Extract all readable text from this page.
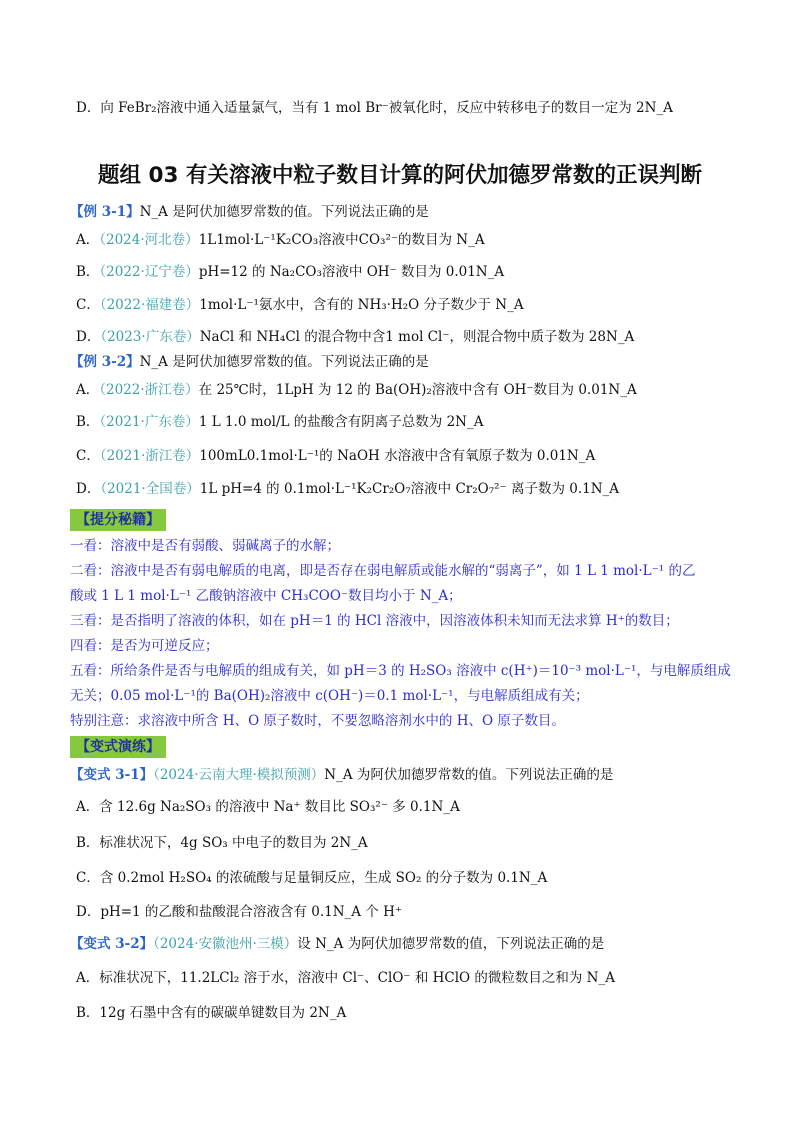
D．向 FeBr₂溶液中通入适量氯气，当有 1 mol Br⁻被氧化时，反应中转移电子的数目一定为 2N_A
题组 03 有关溶液中粒子数目计算的阿伏加德罗常数的正误判断
【例 3-1】N_A 是阿伏加德罗常数的值。下列说法正确的是
A．（2024·河北卷）1L1mol·L⁻¹K₂CO₃溶液中CO₃²⁻的数目为 N_A
B．（2022·辽宁卷）pH=12 的 Na₂CO₃溶液中 OH⁻ 数目为 0.01N_A
C．（2022·福建卷）1mol·L⁻¹氨水中，含有的 NH₃·H₂O 分子数少于 N_A
D．（2023·广东卷）NaCl 和 NH₄Cl 的混合物中含1 mol Cl⁻，则混合物中质子数为 28N_A
【例 3-2】N_A 是阿伏加德罗常数的值。下列说法正确的是
A．（2022·浙江卷）在 25℃时，1LpH 为 12 的 Ba(OH)₂溶液中含有 OH⁻数目为 0.01N_A
B．（2021·广东卷）1 L 1.0 mol/L 的盐酸含有阴离子总数为 2N_A
C．（2021·浙江卷）100mL0.1mol·L⁻¹的 NaOH 水溶液中含有氧原子数为 0.01N_A
D．（2021·全国卷）1L pH=4 的 0.1mol·L⁻¹K₂Cr₂O₇溶液中 Cr₂O₇²⁻ 离子数为 0.1N_A
【提分秘籍】
一看：溶液中是否有弱酸、弱碱离子的水解；
二看：溶液中是否有弱电解质的电离，即是否存在弱电解质或能水解的“弱离子”，如 1 L 1 mol·L⁻¹ 的乙
酸或 1 L 1 mol·L⁻¹ 乙酸钠溶液中 CH₃COO⁻数目均小于 N_A；
三看：是否指明了溶液的体积，如在 pH＝1 的 HCl 溶液中，因溶液体积未知而无法求算 H⁺的数目；
四看：是否为可逆反应；
五看：所给条件是否与电解质的组成有关，如 pH＝3 的 H₂SO₃ 溶液中 c(H⁺)＝10⁻³ mol·L⁻¹，与电解质组成
无关；0.05 mol·L⁻¹的 Ba(OH)₂溶液中 c(OH⁻)＝0.1 mol·L⁻¹，与电解质组成有关；
特别注意：求溶液中所含 H、O 原子数时，不要忽略溶剂水中的 H、O 原子数目。
【变式演练】
【变式 3-1】（2024·云南大理·模拟预测）N_A 为阿伏加德罗常数的值。下列说法正确的是
A．含 12.6g Na₂SO₃ 的溶液中 Na⁺ 数目比 SO₃²⁻ 多 0.1N_A
B．标准状况下，4g SO₃ 中电子的数目为 2N_A
C．含 0.2mol H₂SO₄ 的浓硫酸与足量铜反应，生成 SO₂ 的分子数为 0.1N_A
D．pH=1 的乙酸和盐酸混合溶液含有 0.1N_A 个 H⁺
【变式 3-2】（2024·安徽池州·三模）设 N_A 为阿伏加德罗常数的值，下列说法正确的是
A．标准状况下，11.2LCl₂ 溶于水，溶液中 Cl⁻、ClO⁻ 和 HClO 的微粒数目之和为 N_A
B．12g 石墨中含有的碳碳单键数目为 2N_A
